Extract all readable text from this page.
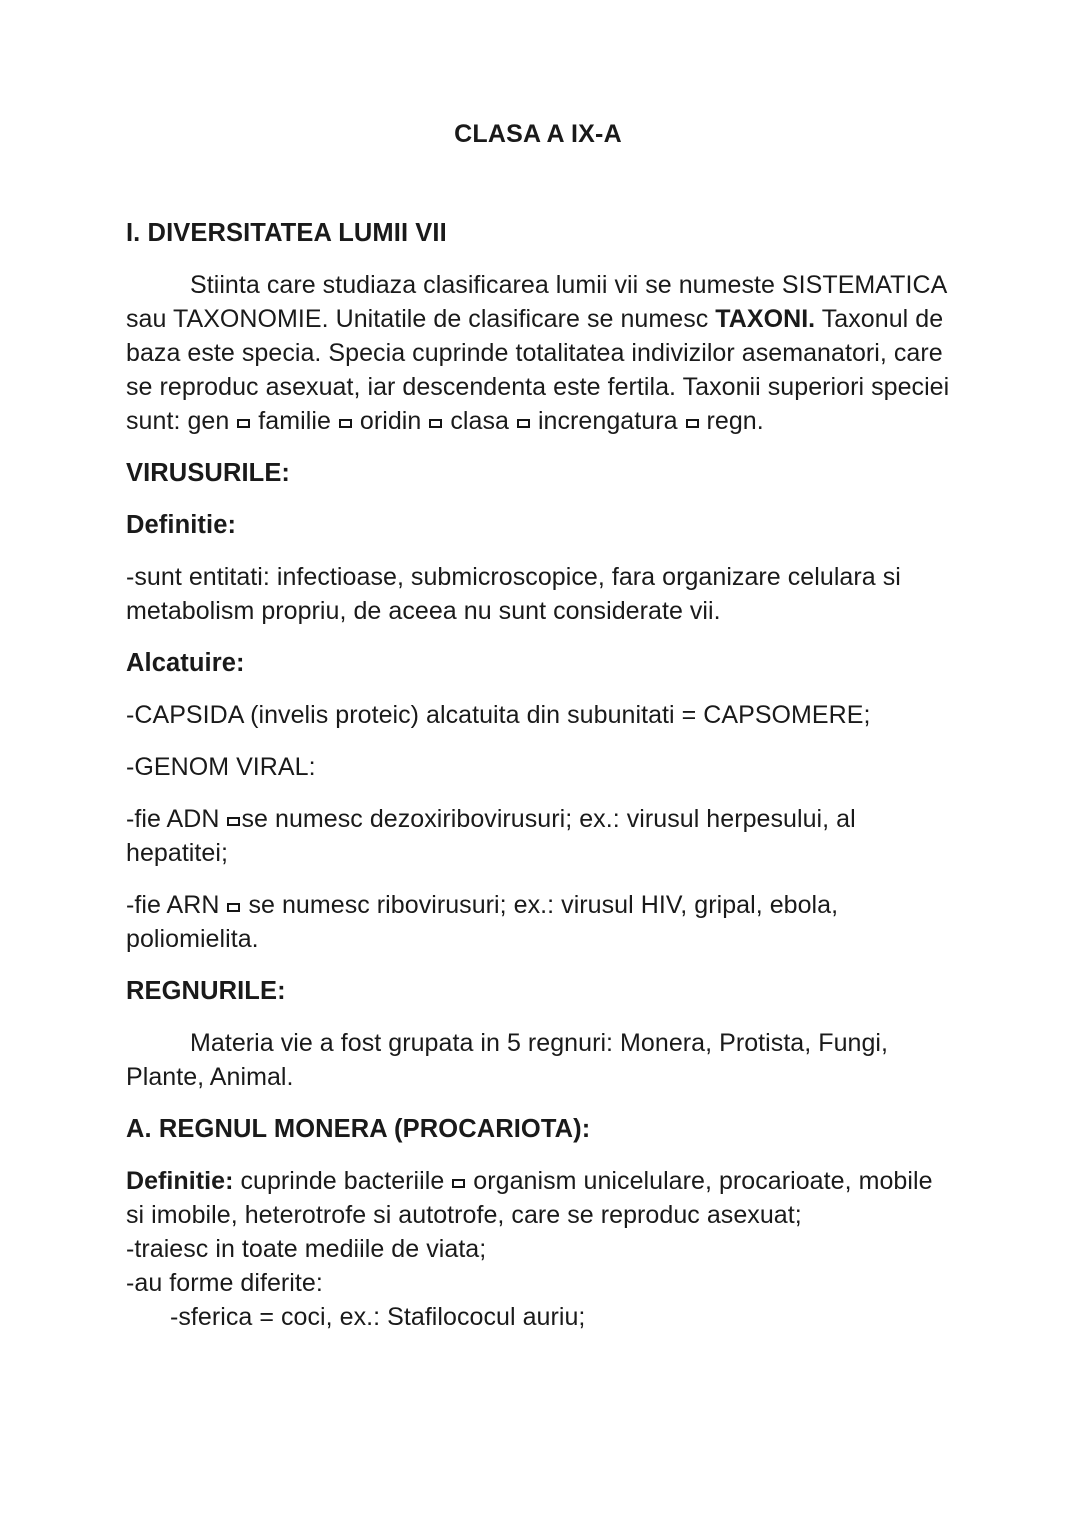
CLASA A IX-A
I. DIVERSITATEA LUMII VII

Stiinta care studiaza clasificarea lumii vii se numeste SISTEMATICA sau TAXONOMIE. Unitatile de clasificare se numesc TAXONI. Taxonul de baza este specia. Specia cuprinde totalitatea indivizilor asemanatori, care se reproduc asexuat, iar descendenta este fertila. Taxonii superiori speciei sunt: gen  familie  oridin  clasa  increngatura  regn.

VIRUSURILE:
Definitie:

-sunt entitati: infectioase, submicroscopice, fara organizare celulara si metabolism propriu, de aceea nu sunt considerate vii.

Alcatuire:

-CAPSIDA (invelis proteic) alcatuita din subunitati = CAPSOMERE;

-GENOM VIRAL:

-fie ADN se numesc dezoxiribovirusuri; ex.: virusul herpesului, al hepatitei;

-fie ARN  se numesc ribovirusuri; ex.: virusul HIV, gripal, ebola, poliomielita.

REGNURILE:

Materia vie a fost grupata in 5 regnuri: Monera, Protista, Fungi, Plante, Animal.

A. REGNUL MONERA (PROCARIOTA):

Definitie: cuprinde bacteriile  organism unicelulare, procarioate, mobile si imobile, heterotrofe si autotrofe, care se reproduc asexuat;

-traiesc in toate mediile de viata;

-au forme diferite:

-sferica = coci, ex.: Stafilococul auriu;
